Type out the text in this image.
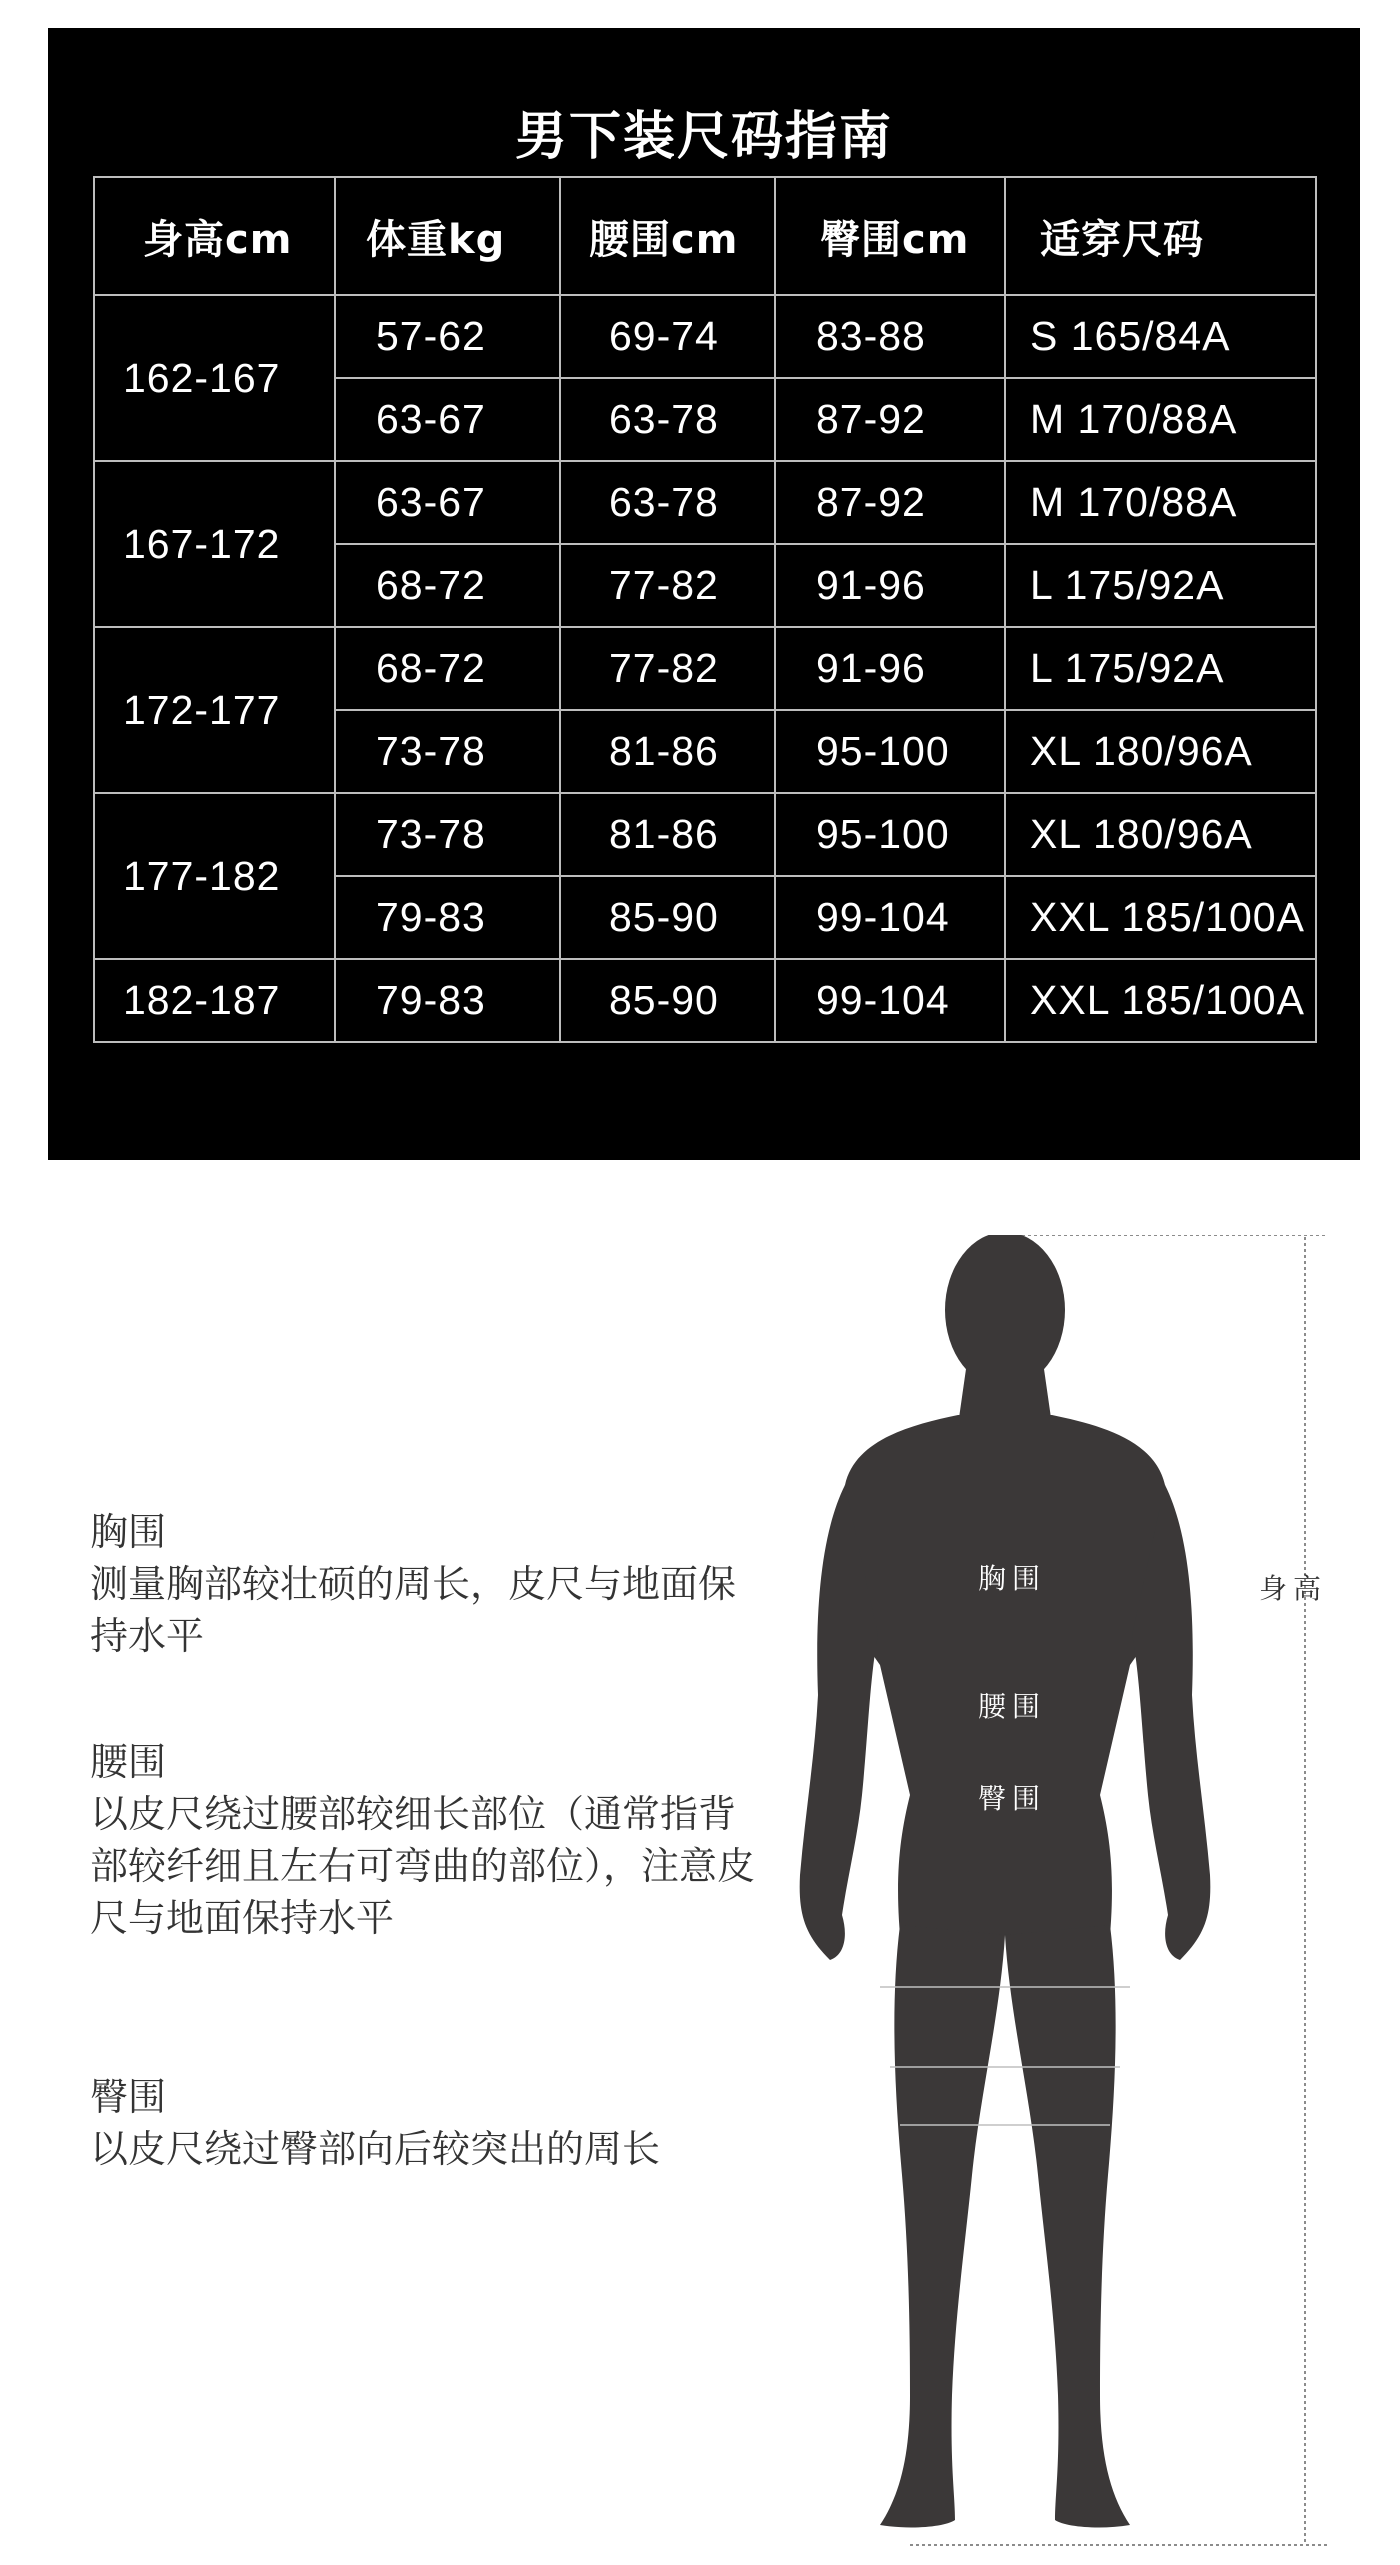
男下装尺码指南
身高cm	体重kg	腰围cm	臀围cm	适穿尺码

162-167	57-62	69-74	83-88	S 165/84A

	63-67	63-78	87-92	M 170/88A

167-172	63-67	63-78	87-92	M 170/88A

	68-72	77-82	91-96	L 175/92A

172-177	68-72	77-82	91-96	L 175/92A

	73-78	81-86	95-100	XL 180/96A

177-182	73-78	81-86	95-100	XL 180/96A

	79-83	85-90	99-104	XXL 185/100A

182-187	79-83	85-90	99-104	XXL 185/100A
胸围
测量胸部较壮硕的周长，皮尺与地面保持水平
腰围
以皮尺绕过腰部较细长部位（通常指背部较纤细且左右可弯曲的部位），注意皮尺与地面保持水平
臀围
以皮尺绕过臀部向后较突出的周长
胸围
腰围
臀围
身高
